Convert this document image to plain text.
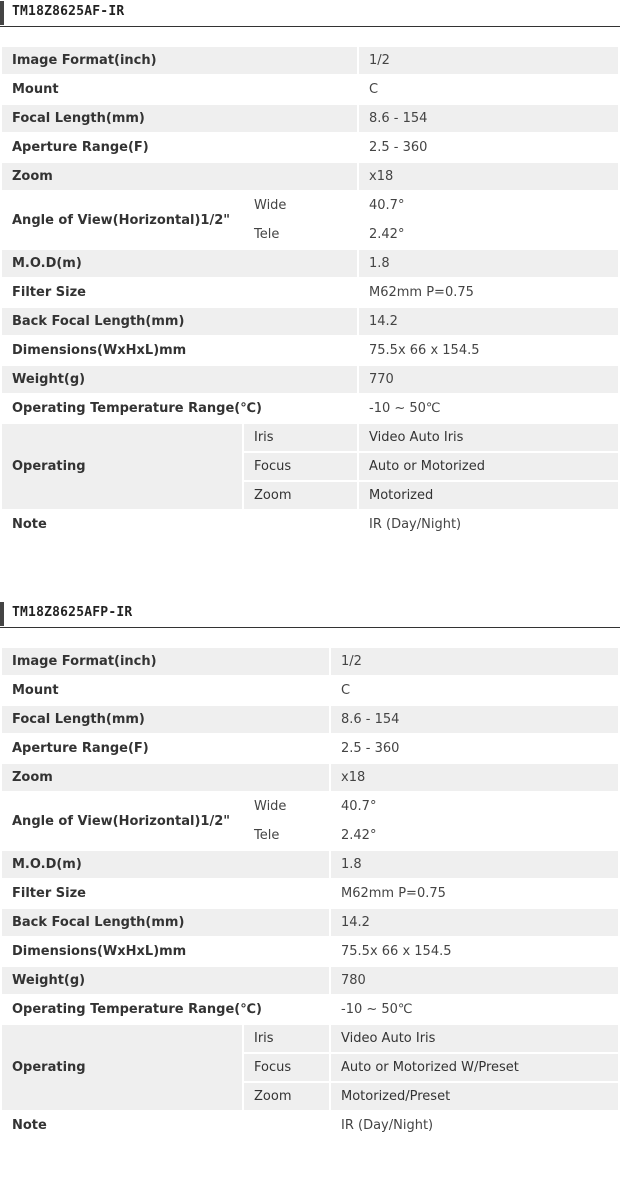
TM18Z8625AF-IR
Image Format(inch)		1/2
Mount		C
Focal Length(mm)		8.6 - 154
Aperture Range(F)		2.5 - 360
Zoom		x18
Angle of View(Horizontal)1/2"	Wide	40.7°
	Tele	2.42°
M.O.D(m)		1.8
Filter Size		M62mm P=0.75
Back Focal Length(mm)		14.2
Dimensions(WxHxL)mm		75.5x 66 x 154.5
Weight(g)		770
Operating Temperature Range(℃)		-10 ~ 50℃
Operating	Iris	Video Auto Iris
	Focus	Auto or Motorized
	Zoom	Motorized
Note		IR (Day/Night)
TM18Z8625AFP-IR
Image Format(inch)		1/2
Mount		C
Focal Length(mm)		8.6 - 154
Aperture Range(F)		2.5 - 360
Zoom		x18
Angle of View(Horizontal)1/2"	Wide	40.7°
	Tele	2.42°
M.O.D(m)		1.8
Filter Size		M62mm P=0.75
Back Focal Length(mm)		14.2
Dimensions(WxHxL)mm		75.5x 66 x 154.5
Weight(g)		780
Operating Temperature Range(℃)		-10 ~ 50℃
Operating	Iris	Video Auto Iris
	Focus	Auto or Motorized W/Preset
	Zoom	Motorized/Preset
Note		IR (Day/Night)
